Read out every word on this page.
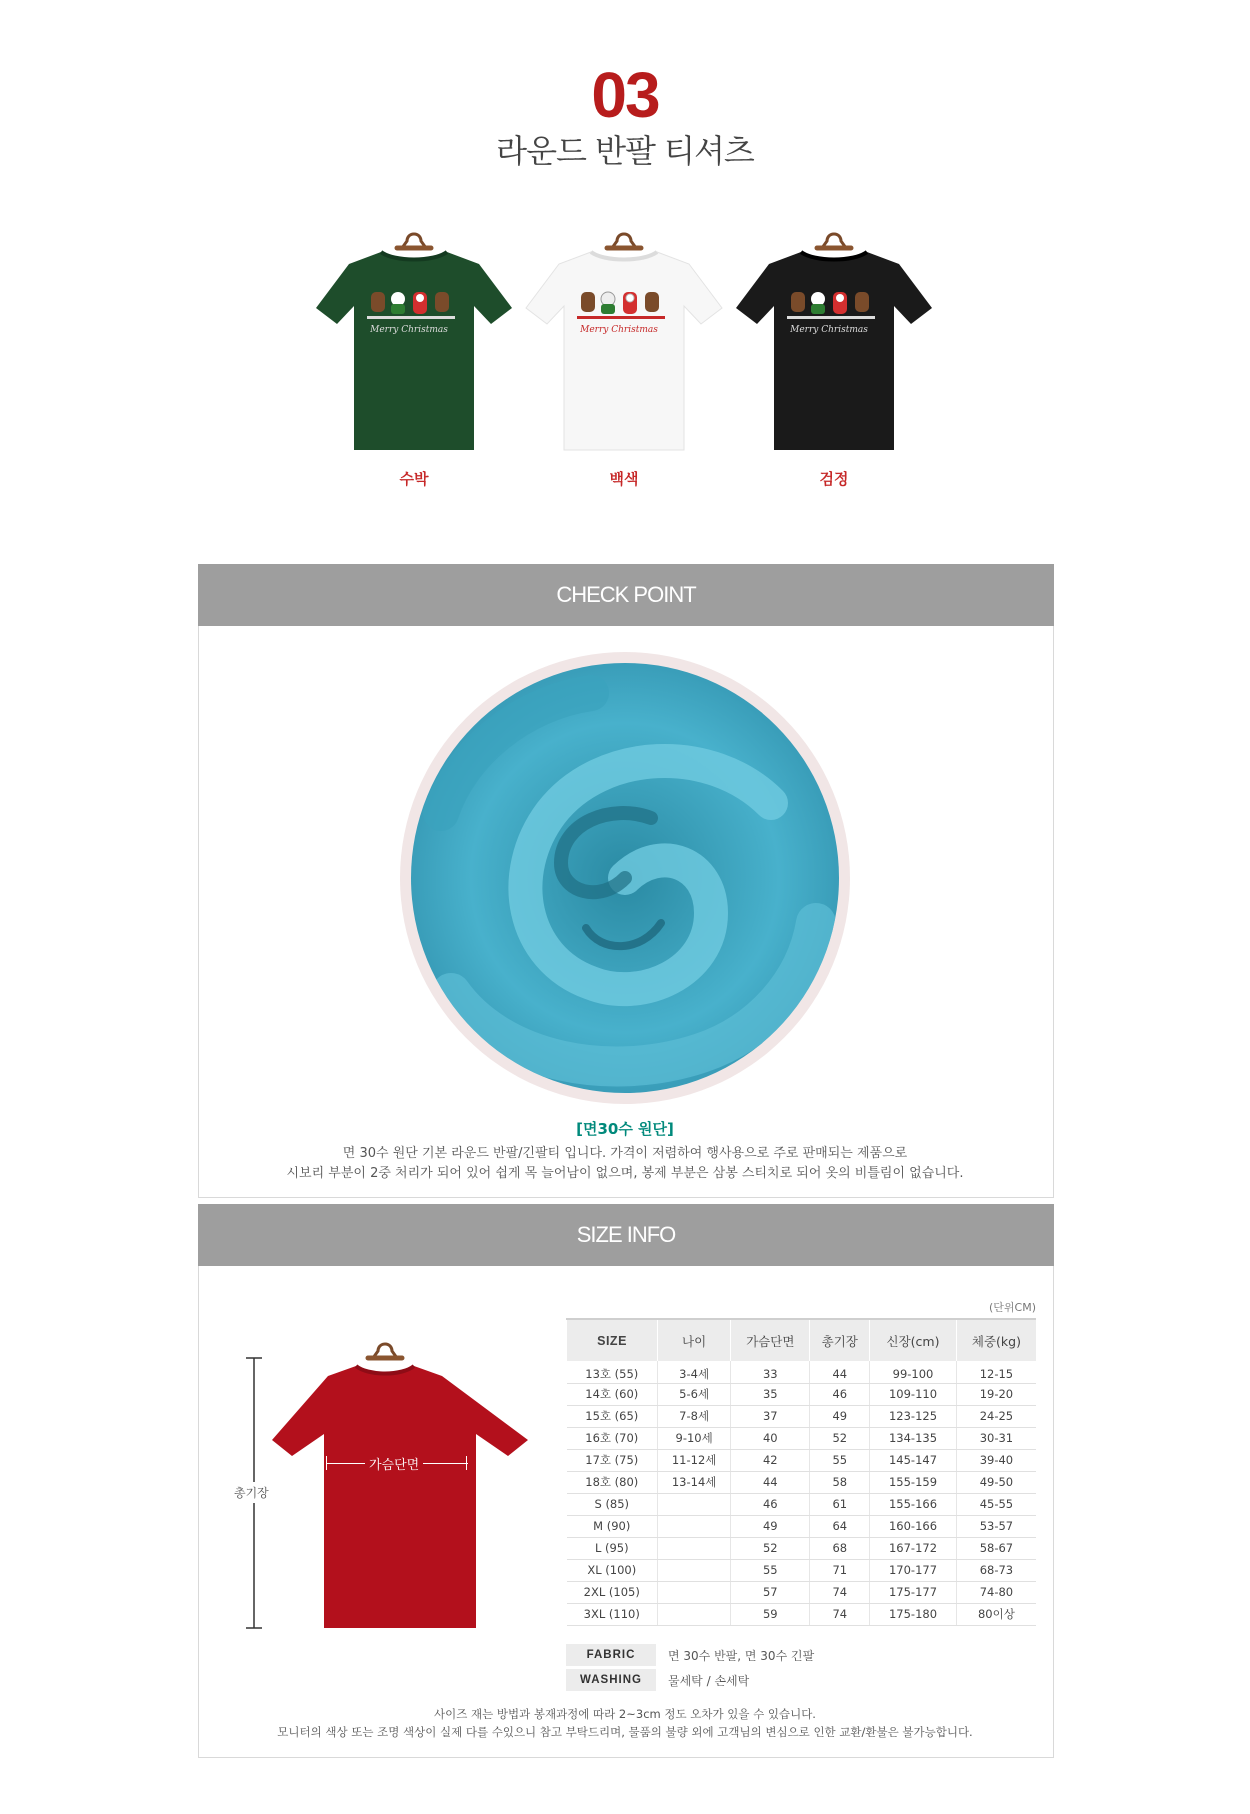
03
라운드 반팔 티셔츠
Merry Christmas
수박
Merry Christmas
백색
Merry Christmas
검정
CHECK POINT
[면30수 원단]
면 30수 원단 기본 라운드 반팔/긴팔티 입니다. 가격이 저렴하여 행사용으로 주로 판매되는 제품으로
시보리 부분이 2중 처리가 되어 있어 쉽게 목 늘어남이 없으며, 봉제 부분은 삼봉 스티치로 되어 옷의 비틀림이 없습니다.
SIZE INFO
(단위CM)
가슴단면
총기장
SIZE	나이	가슴단면	총기장	신장(cm)	체중(kg)
13호 (55)	3-4세	33	44	99-100	12-15
14호 (60)	5-6세	35	46	109-110	19-20
15호 (65)	7-8세	37	49	123-125	24-25
16호 (70)	9-10세	40	52	134-135	30-31
17호 (75)	11-12세	42	55	145-147	39-40
18호 (80)	13-14세	44	58	155-159	49-50
S (85)		46	61	155-166	45-55
M (90)		49	64	160-166	53-57
L (95)		52	68	167-172	58-67
XL (100)		55	71	170-177	68-73
2XL (105)		57	74	175-177	74-80
3XL (110)		59	74	175-180	80이상
FABRIC	면 30수 반팔, 면 30수 긴팔
WASHING	물세탁 / 손세탁
사이즈 재는 방법과 봉재과정에 따라 2~3cm 정도 오차가 있을 수 있습니다.
모니터의 색상 또는 조명 색상이 실제 다를 수있으니 참고 부탁드리며, 물품의 불량 외에 고객님의 변심으로 인한 교환/환불은 불가능합니다.
